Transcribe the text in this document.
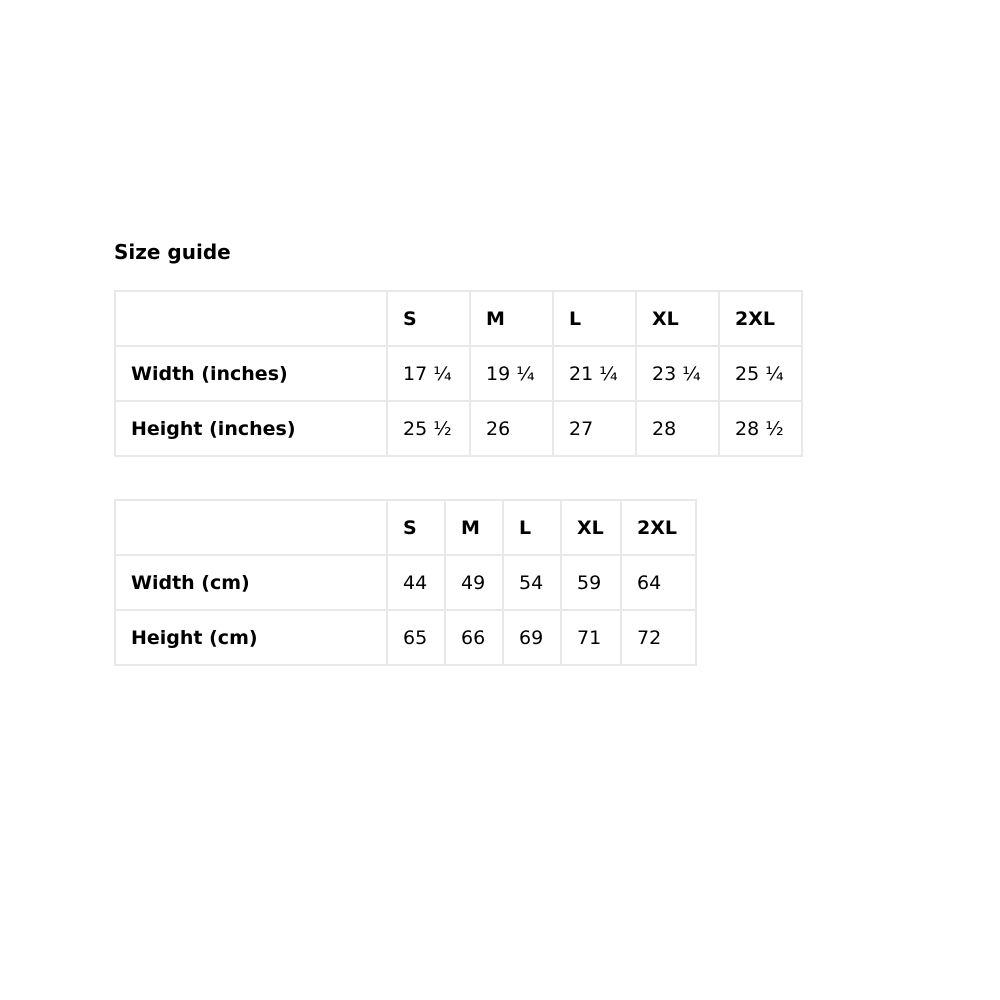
Size guide
	S	M	L	XL	2XL
Width (inches)	17 ¼	19 ¼	21 ¼	23 ¼	25 ¼
Height (inches)	25 ½	26	27	28	28 ½
	S	M	L	XL	2XL
Width (cm)	44	49	54	59	64
Height (cm)	65	66	69	71	72
